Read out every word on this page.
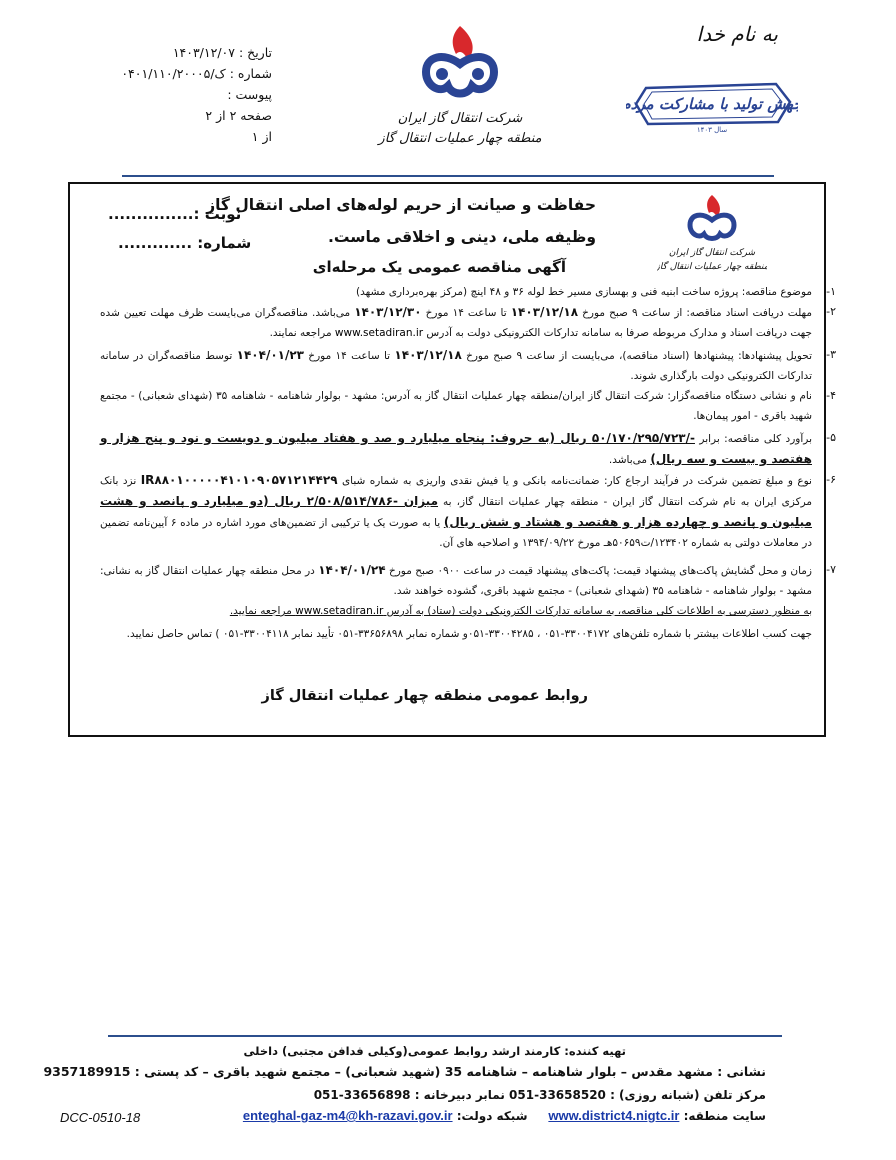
به نام خدا
جهش تولید با مشارکت مردم
سال ۱۴۰۳
شرکت انتقال گاز ایران
منطقه چهار عملیات انتقال گاز
تاریخ : ۱۴۰۳/۱۲/۰۷
شماره : ک/۰۴۰۱/۱۱۰/۲۰۰۰۵
پیوست :
صفحه ۲ از ۲
از ۱
شرکت انتقال گاز ایران
منطقه چهار عملیات انتقال گاز
حفاظت و صیانت از حریم لوله‌های اصلی انتقال گاز
وظیفه ملی، دینی و اخلاقی ماست.
آگهی مناقصه عمومی یک مرحله‌ای
نوبت :...............
شماره: .............
۱-
موضوع مناقصه: پروژه ساخت ابنیه فنی و بهسازی مسیر خط لوله ۳۶ و ۴۸ اینچ (مرکز بهره‌برداری مشهد)
۲-
مهلت دریافت اسناد مناقصه: از ساعت ۹ صبح مورخ ۱۴۰۳/۱۲/۱۸ تا ساعت ۱۴ مورخ ۱۴۰۳/۱۲/۳۰ می‌باشد. مناقصه‌گران می‌بایست ظرف مهلت تعیین شده جهت دریافت اسناد و مدارک مربوطه صرفا به سامانه تدارکات الکترونیکی دولت به آدرس www.setadiran.ir مراجعه نمایند.
۳-
تحویل پیشنهادها: پیشنهادها (اسناد مناقصه)، می‌بایست از ساعت ۹ صبح مورخ ۱۴۰۳/۱۲/۱۸ تا ساعت ۱۴ مورخ ۱۴۰۴/۰۱/۲۳ توسط مناقصه‌گران در سامانه تدارکات الکترونیکی دولت بارگذاری شوند.
۴-
نام و نشانی دستگاه مناقصه‌گزار: شرکت انتقال گاز ایران/منطقه چهار عملیات انتقال گاز به آدرس: مشهد - بولوار شاهنامه - شاهنامه ۳۵ (شهدای شعبانی) - مجتمع شهید باقری - امور پیمان‌ها.
۵-
برآورد کلی مناقصه: برابر -/۵۰/۱۷۰/۲۹۵/۷۲۳ ریال (به حروف: پنجاه میلیارد و صد و هفتاد میلیون و دویست و نود و پنج هزار و هفتصد و بیست و سه ریال) می‌باشد.
۶-
نوع و مبلغ تضمین شرکت در فرآیند ارجاع کار: ضمانت‌نامه بانکی و یا فیش نقدی واریزی به شماره شبای IR۸۸۰۱۰۰۰۰۰۴۱۰۱۰۹۰۵۷۱۲۱۴۴۲۹ نزد بانک مرکزی ایران به نام شرکت انتقال گاز ایران - منطقه چهار عملیات انتقال گاز، به میزان -۲/۵۰۸/۵۱۴/۷۸۶ ریال (دو میلیارد و پانصد و هشت میلیون و پانصد و چهارده هزار و هفتصد و هشتاد و شش ریال) یا به صورت یک یا ترکیبی از تضمین‌های مورد اشاره در ماده ۶ آیین‌نامه تضمین در معاملات دولتی به شماره ۱۲۳۴۰۲/ت۵۰۶۵۹هـ مورخ ۱۳۹۴/۰۹/۲۲ و اصلاحیه های آن.
۷-
زمان و محل گشایش پاکت‌های پیشنهاد قیمت: پاکت‌های پیشنهاد قیمت در ساعت ۰۹۰۰ صبح مورخ ۱۴۰۴/۰۱/۲۴ در محل منطقه چهار عملیات انتقال گاز به نشانی: مشهد - بولوار شاهنامه - شاهنامه ۳۵ (شهدای شعبانی) - مجتمع شهید باقری، گشوده خواهند شد.
به منظور دسترسی به اطلاعات کلی مناقصه، به سامانه تدارکات الکترونیکی دولت (ستاد) به آدرس www.setadiran.ir مراجعه نمایید.
جهت کسب اطلاعات بیشتر با شماره تلفن‌های ۳۳۰۰۴۱۷۲-۰۵۱ ، ۳۳۰۰۴۲۸۵-۰۵۱و شماره نمابر ۳۳۶۵۶۸۹۸-۰۵۱ تأیید نمابر ۳۳۰۰۴۱۱۸-۰۵۱ ) تماس حاصل نمایید.
روابط عمومی منطقه چهار عملیات انتقال گاز
تهیه کننده: کارمند ارشد روابط عمومی(وکیلی فدافن مجتبی) داخلی
نشانی : مشهد مقدس – بلوار شاهنامه – شاهنامه 35 (شهید شعبانی) – مجتمع شهید باقری – کد پستی : 9357189915
مرکز تلفن (شبانه روزی) : 33658520-051 نمابر دبیرخانه : 33656898-051
سایت منطقه: www.district4.nigtc.ir     شبکه دولت: enteghal-gaz-m4@kh-razavi.gov.ir
DCC-0510-18
